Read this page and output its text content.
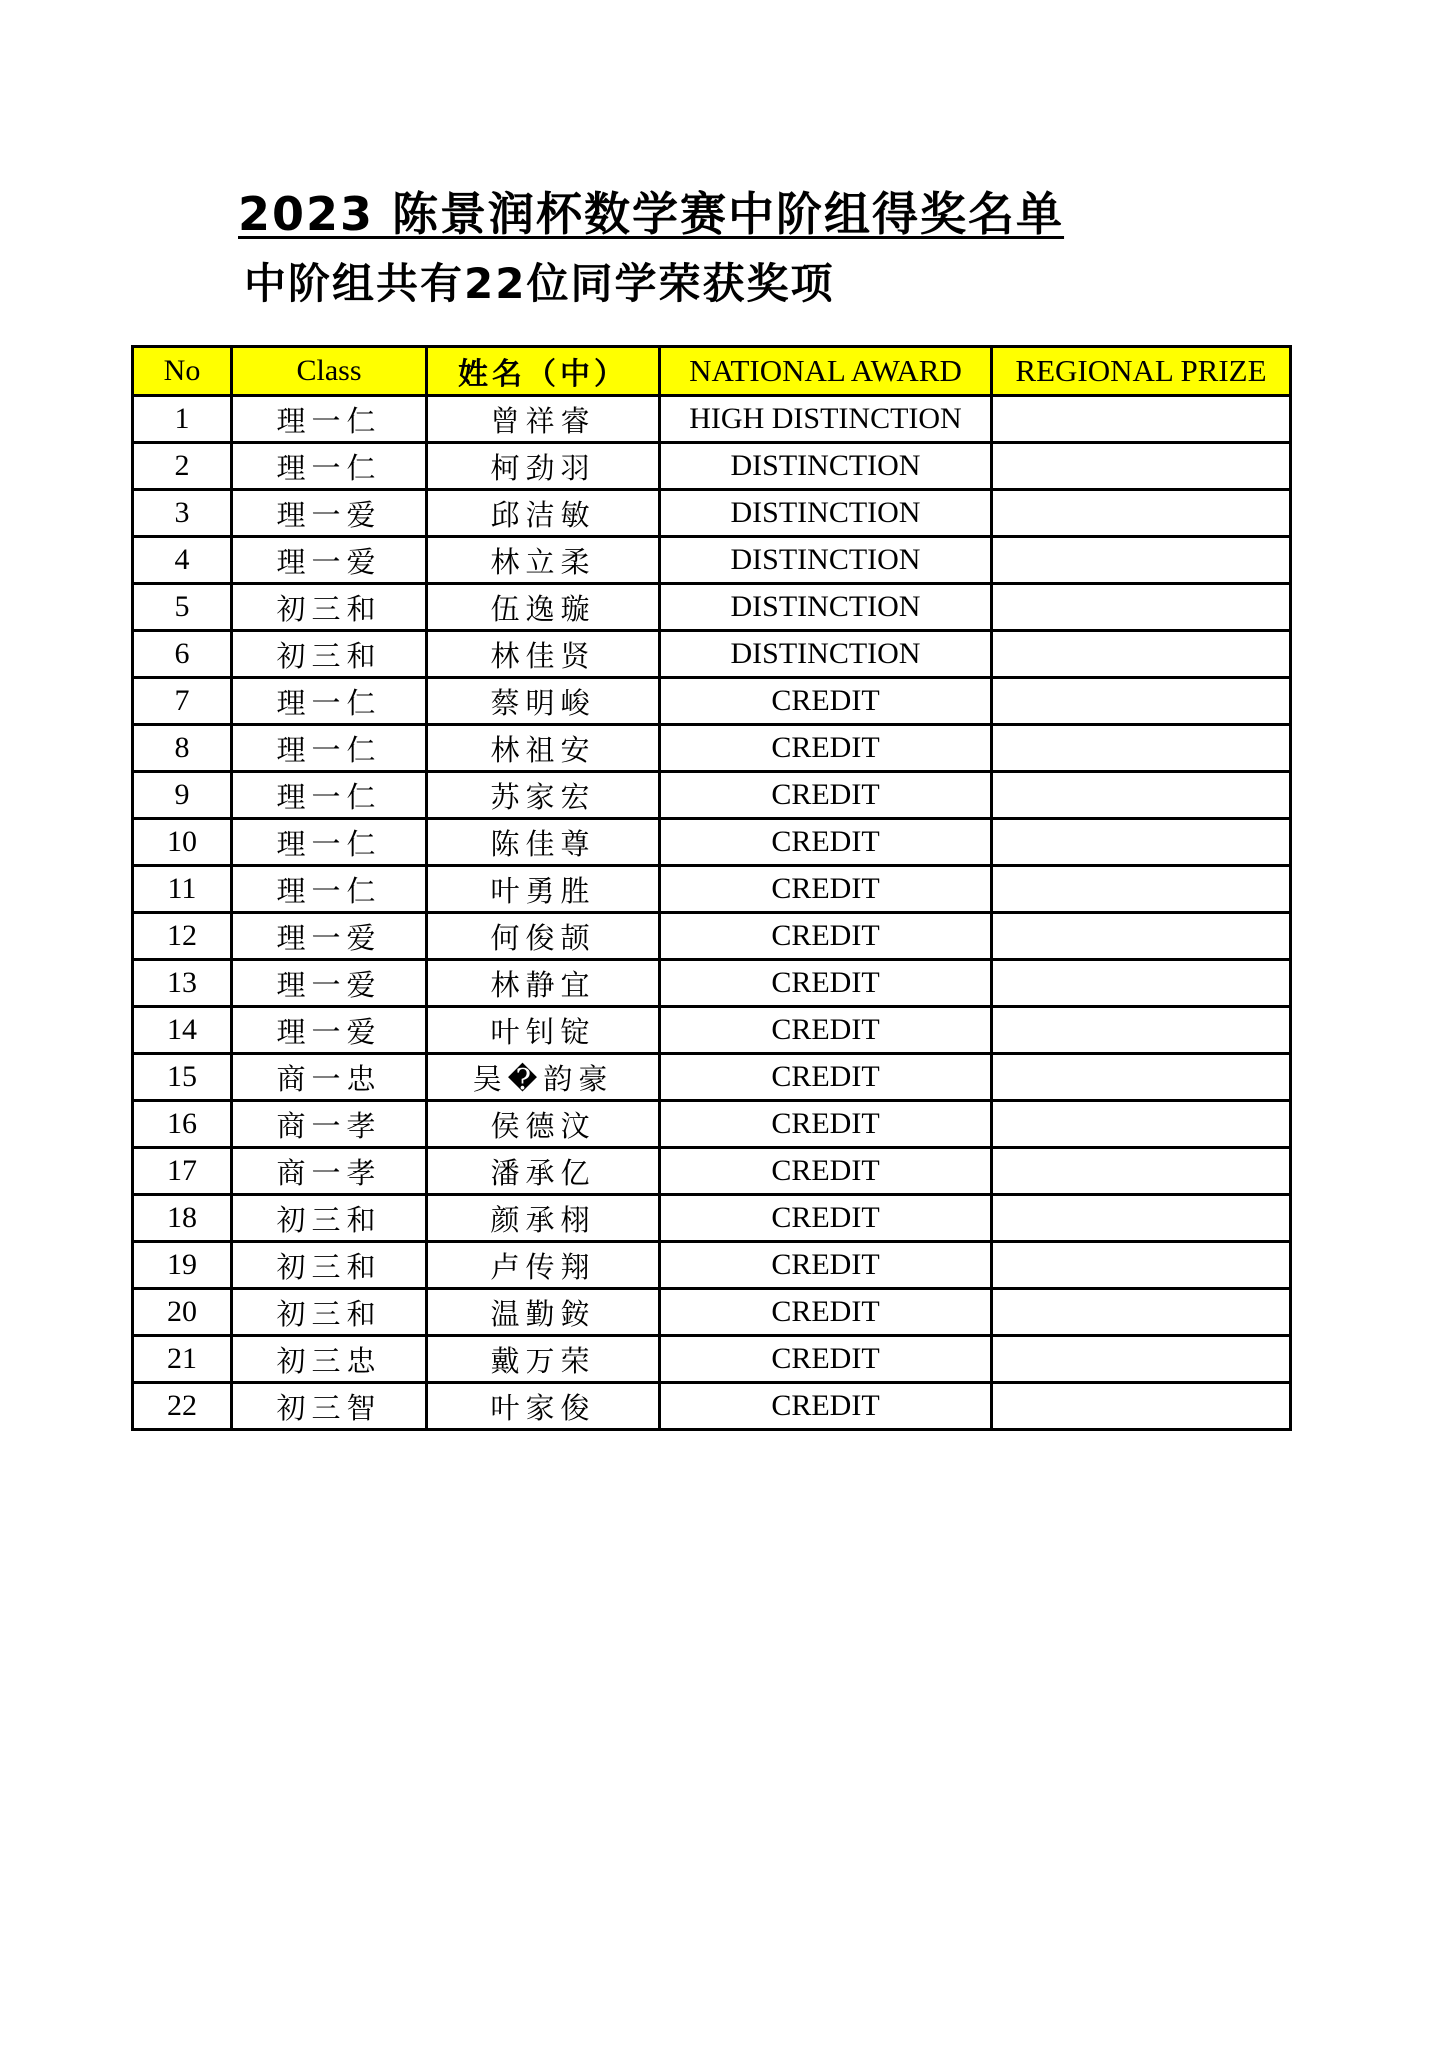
2023 陈景润杯数学赛中阶组得奖名单
中阶组共有22位同学荣获奖项
No	Class	姓名（中）	NATIONAL AWARD	REGIONAL PRIZE
1	理一仁	曾祥睿	HIGH DISTINCTION	
2	理一仁	柯劲羽	DISTINCTION	
3	理一爱	邱洁敏	DISTINCTION	
4	理一爱	林立柔	DISTINCTION	
5	初三和	伍逸璇	DISTINCTION	
6	初三和	林佳贤	DISTINCTION	
7	理一仁	蔡明峻	CREDIT	
8	理一仁	林祖安	CREDIT	
9	理一仁	苏家宏	CREDIT	
10	理一仁	陈佳尊	CREDIT	
11	理一仁	叶勇胜	CREDIT	
12	理一爱	何俊颉	CREDIT	
13	理一爱	林静宜	CREDIT	
14	理一爱	叶钊锭	CREDIT	
15	商一忠	吴�韵豪	CREDIT	
16	商一孝	侯德汶	CREDIT	
17	商一孝	潘承亿	CREDIT	
18	初三和	颜承栩	CREDIT	
19	初三和	卢传翔	CREDIT	
20	初三和	温勤銨	CREDIT	
21	初三忠	戴万荣	CREDIT	
22	初三智	叶家俊	CREDIT	
